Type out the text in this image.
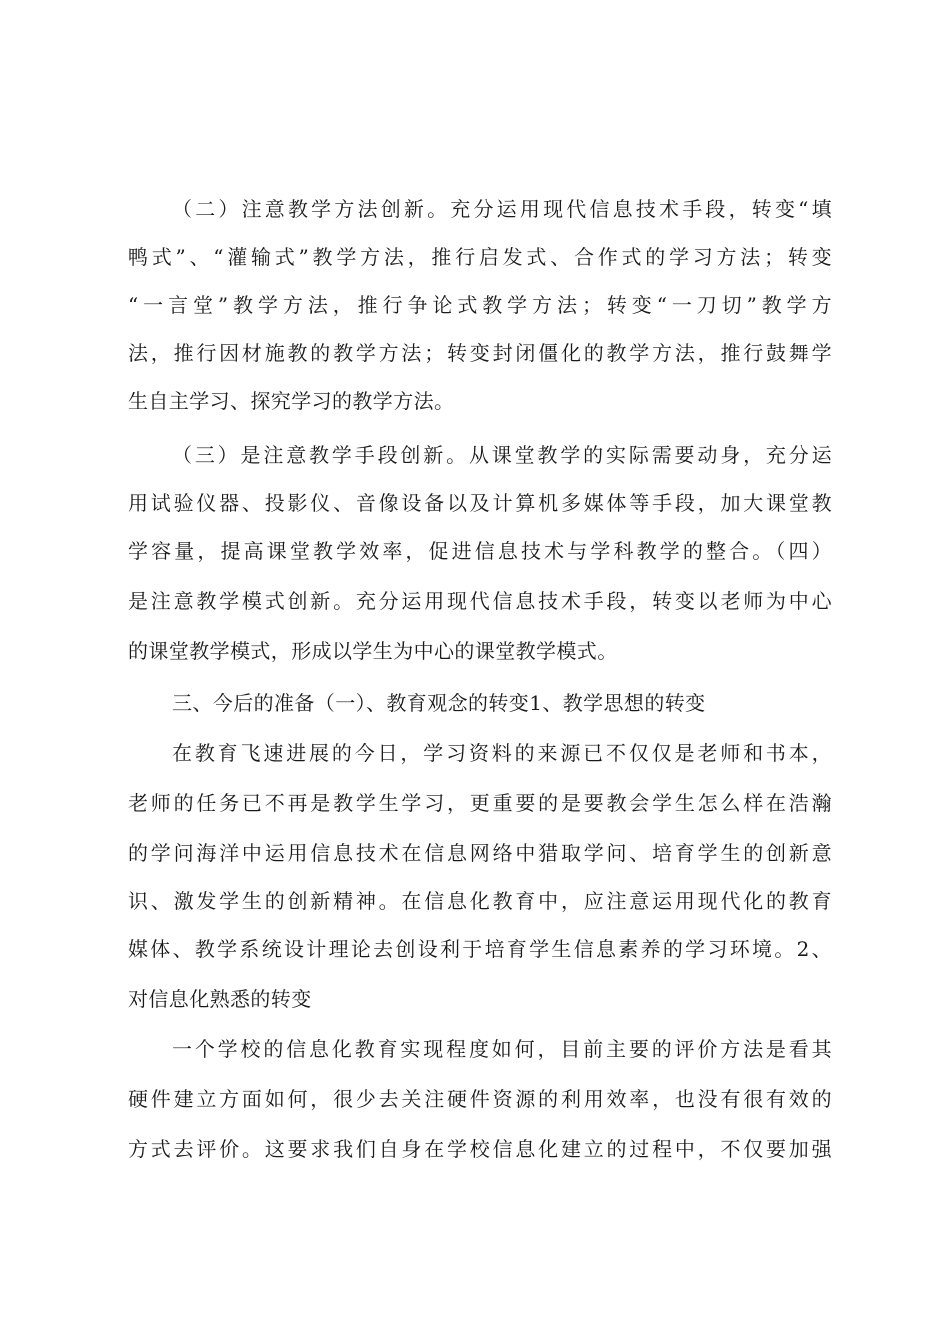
（二）注意教学方法创新。充分运用现代信息技术手段，转变“填
鸭式”、“灌输式”教学方法，推行启发式、合作式的学习方法；转变
“一言堂”教学方法，推行争论式教学方法；转变“一刀切”教学方
法，推行因材施教的教学方法；转变封闭僵化的教学方法，推行鼓舞学
生自主学习、探究学习的教学方法。
（三）是注意教学手段创新。从课堂教学的实际需要动身，充分运
用试验仪器、投影仪、音像设备以及计算机多媒体等手段，加大课堂教
学容量，提高课堂教学效率，促进信息技术与学科教学的整合。（四）
是注意教学模式创新。充分运用现代信息技术手段，转变以老师为中心
的课堂教学模式，形成以学生为中心的课堂教学模式。
三、今后的准备（一）、教育观念的转变1、教学思想的转变
在教育飞速进展的今日，学习资料的来源已不仅仅是老师和书本，
老师的任务已不再是教学生学习，更重要的是要教会学生怎么样在浩瀚
的学问海洋中运用信息技术在信息网络中猎取学问、培育学生的创新意
识、激发学生的创新精神。在信息化教育中，应注意运用现代化的教育
媒体、教学系统设计理论去创设利于培育学生信息素养的学习环境。2、
对信息化熟悉的转变
一个学校的信息化教育实现程度如何，目前主要的评价方法是看其
硬件建立方面如何，很少去关注硬件资源的利用效率，也没有很有效的
方式去评价。这要求我们自身在学校信息化建立的过程中，不仅要加强
